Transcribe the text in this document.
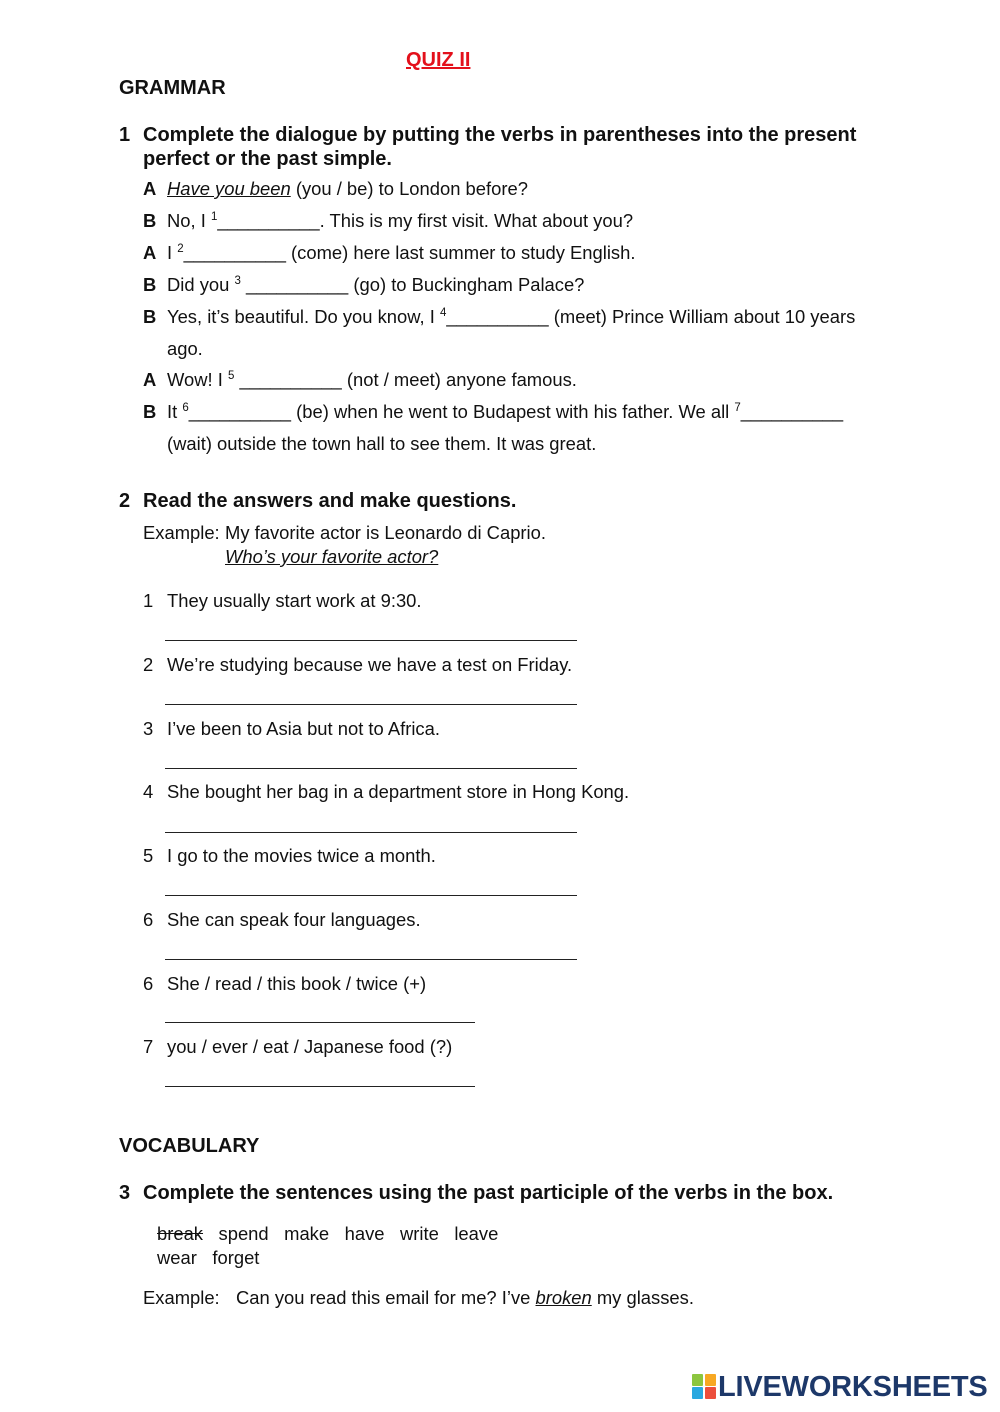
QUIZ II
GRAMMAR
1 Complete the dialogue by putting the verbs in parentheses into the present
perfect or the past simple.
A Have you been (you / be) to London before?
B No, I $^1$__________. This is my first visit. What about you?
A I $^2$__________ (come) here last summer to study English.
B Did you $^3$ __________ (go) to Buckingham Palace?
B Yes, it’s beautiful. Do you know, I $^4$__________ (meet) Prince William about 10 years
ago.
A Wow! I $^5$ __________ (not / meet) anyone famous.
B It $^6$__________ (be) when he went to Budapest with his father. We all $^7$__________
(wait) outside the town hall to see them. It was great.
2 Read the answers and make questions.
Example: My favorite actor is Leonardo di Caprio.
Who’s your favorite actor?
1 They usually start work at 9:30.
2 We’re studying because we have a test on Friday.
3 I’ve been to Asia but not to Africa.
4 She bought her bag in a department store in Hong Kong.
5 I go to the movies twice a month.
6 She can speak four languages.
6 She / read / this book / twice (+)
7 you / ever / eat / Japanese food (?)
VOCABULARY
3 Complete the sentences using the past participle of the verbs in the box.
break spend make have write leave
wear forget
Example: Can you read this email for me? I’ve broken my glasses.
LIVEWORKSHEETS
